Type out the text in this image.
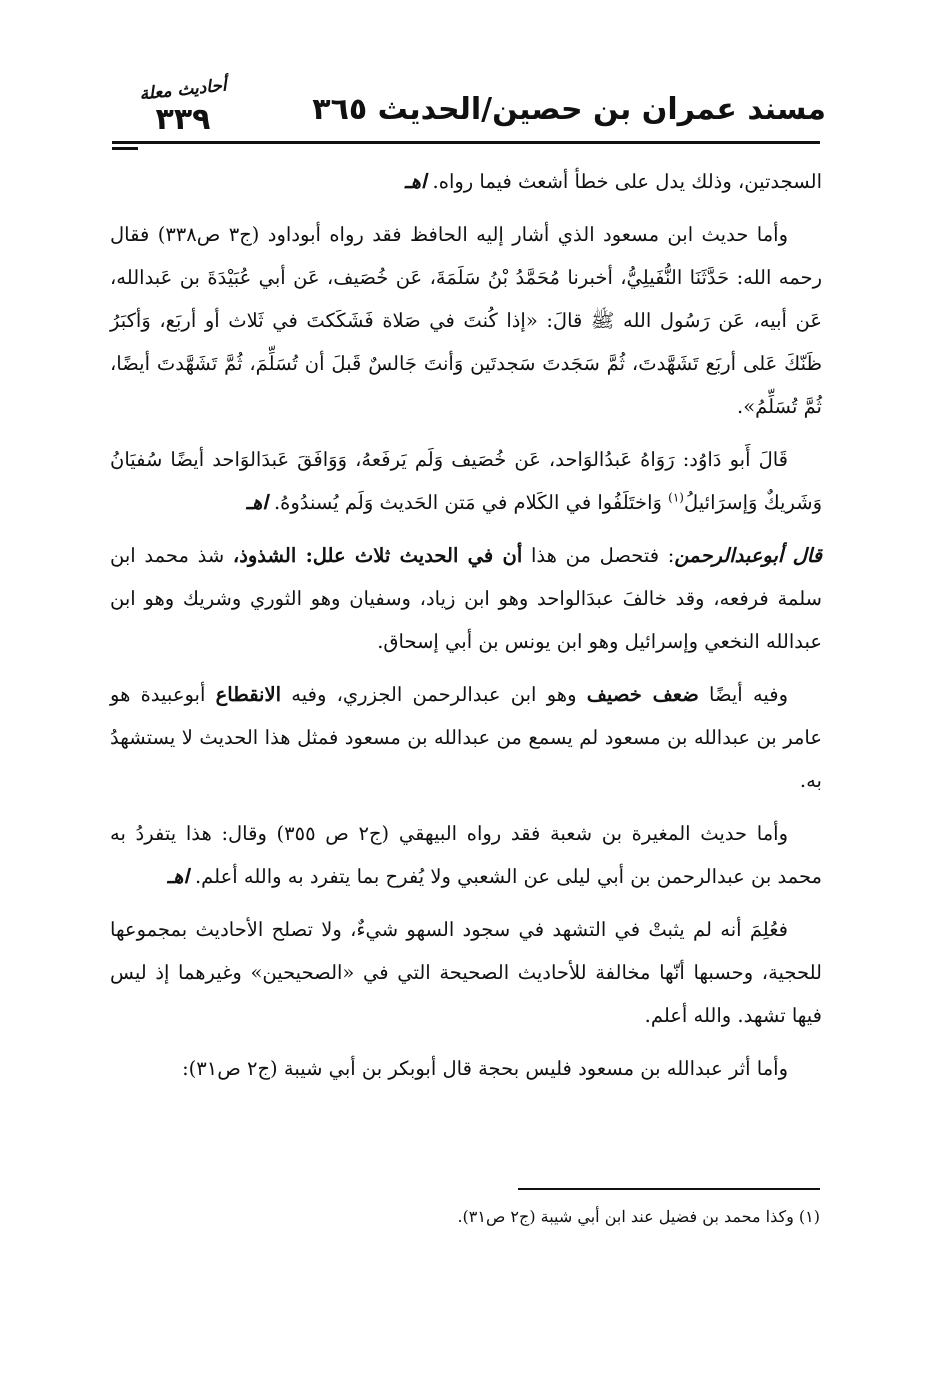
مسند عمران بن حصين/الحديث ٣٦٥
أحاديث معلة
٣٣٩

السجدتين، وذلك يدل على خطأ أشعث فيما رواه. اهـ

وأما حديث ابن مسعود الذي أشار إليه الحافظ فقد رواه أبوداود (ج٣ ص٣٣٨) فقال رحمه الله: حَدَّثَنَا النُّفَيلِيُّ، أخبرنا مُحَمَّدُ بْنُ سَلَمَةَ، عَن خُصَيف، عَن أبي عُبَيْدَةَ بن عَبدالله، عَن أبيه، عَن رَسُول الله ﷺ قالَ: «إذا كُنتَ في صَلاة فَشَكَكتَ في ثَلاث أو أربَع، وَأكبَرُ ظَنّكَ عَلى أربَع تَشَهَّدتَ، ثُمَّ سَجَدتَ سَجدتَين وَأنتَ جَالسٌ قَبلَ أن تُسَلِّمَ، ثُمَّ تَشَهَّدتَ أيضًا، ثُمَّ تُسَلِّمُ».

قَالَ أَبو دَاوُد: رَوَاهُ عَبدُالوَاحد، عَن خُصَيف وَلَم يَرفَعهُ، وَوَافَقَ عَبدَالوَاحد أيضًا سُفيَانُ وَشَريكٌ وَإسرَائيلُ$^{(١)}$ وَاختَلَفُوا في الكَلام في مَتن الحَديث وَلَم يُسندُوهُ. اهـ

قال أبوعبدالرحمن: فتحصل من هذا أن في الحديث ثلاث علل: الشذوذ، شذ محمد ابن سلمة فرفعه، وقد خالفَ عبدَالواحد وهو ابن زياد، وسفيان وهو الثوري وشريك وهو ابن عبدالله النخعي وإسرائيل وهو ابن يونس بن أبي إسحاق.

وفيه أيضًا ضعف خصيف وهو ابن عبدالرحمن الجزري، وفيه الانقطاع أبوعبيدة هو عامر بن عبدالله بن مسعود لم يسمع من عبدالله بن مسعود فمثل هذا الحديث لا يستشهدُ به.

وأما حديث المغيرة بن شعبة فقد رواه البيهقي (ج٢ ص ٣٥٥) وقال: هذا يتفردُ به محمد بن عبدالرحمن بن أبي ليلى عن الشعبي ولا يُفرح بما يتفرد به والله أعلم. اهـ

فعُلِمَ أنه لم يثبتْ في التشهد في سجود السهو شيءٌ، ولا تصلح الأحاديث بمجموعها للحجية، وحسبها أنّها مخالفة للأحاديث الصحيحة التي في «الصحيحين» وغيرهما إذ ليس فيها تشهد. والله أعلم.

وأما أثر عبدالله بن مسعود فليس بحجة قال أبوبكر بن أبي شيبة (ج٢ ص٣١):

(١) وكذا محمد بن فضيل عند ابن أبي شيبة (ج٢ ص٣١).
